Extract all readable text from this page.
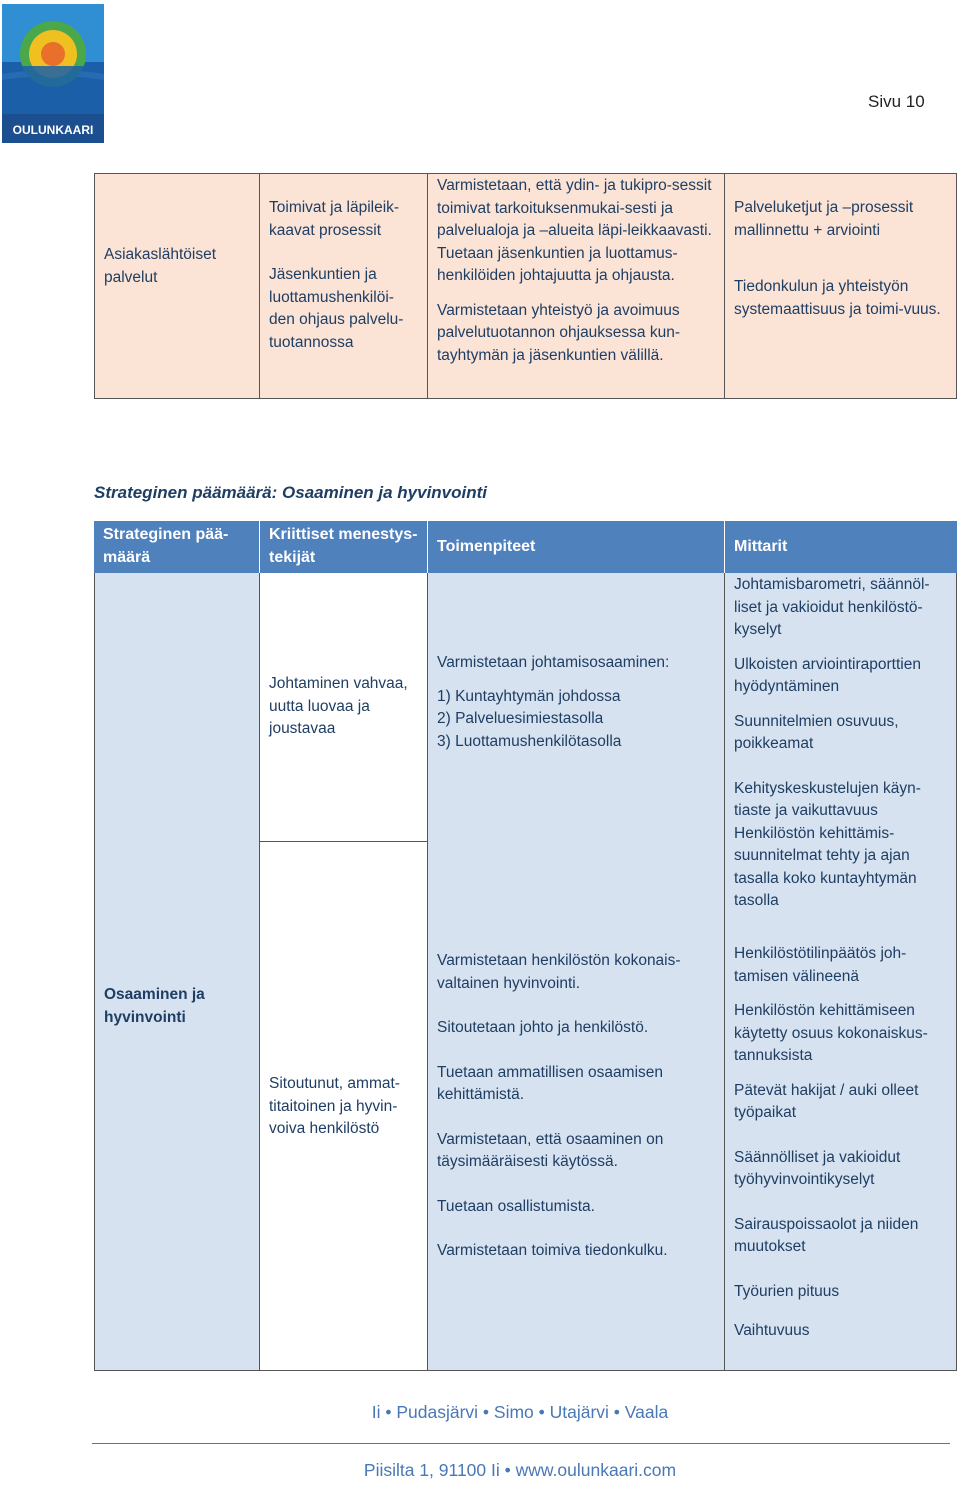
OULUNKAARI
Sivu 10
Asiakaslähtöiset palvelut
Toimivat ja läpileik-kaavat prosessit
Jäsenkuntien ja luottamushenkilöi-den ohjaus palvelu-tuotannossa
Varmistetaan, että ydin- ja tukipro-sessit toimivat tarkoituksenmukai-sesti ja palvelualoja ja –alueita läpi-leikkaavasti.
Tuetaan jäsenkuntien ja luottamus-henkilöiden johtajuutta ja ohjausta.
Varmistetaan yhteistyö ja avoimuus palvelutuotannon ohjauksessa kun-tayhtymän ja jäsenkuntien välillä.
Palveluketjut ja –prosessit mallinnettu + arviointi
Tiedonkulun ja yhteistyön systemaattisuus ja toimi-vuus.
Strateginen päämäärä: Osaaminen ja hyvinvointi
Strateginen pää-määrä
Kriittiset menestys-tekijät
Toimenpiteet	Mittarit
Osaaminen ja hyvinvointi
Johtaminen vahvaa, uutta luovaa ja joustavaa
Sitoutunut, ammat-titaitoinen ja hyvin-voiva henkilöstö
Varmistetaan johtamisosaaminen:
1) Kuntayhtymän johdossa
2) Palveluesimiestasolla
3) Luottamushenkilötasolla
Varmistetaan henkilöstön kokonais-valtainen hyvinvointi.
Sitoutetaan johto ja henkilöstö.
Tuetaan ammatillisen osaamisen kehittämistä.
Varmistetaan, että osaaminen on täysimääräisesti käytössä.
Tuetaan osallistumista.
Varmistetaan toimiva tiedonkulku.
Johtamisbarometri, säännöl-liset ja vakioidut henkilöstö-kyselyt
Ulkoisten arviointiraporttien hyödyntäminen
Suunnitelmien osuvuus, poikkeamat
Kehityskeskustelujen käyn-tiaste ja vaikuttavuus
Henkilöstön kehittämis-suunnitelmat tehty ja ajan tasalla koko kuntayhtymän tasolla
Henkilöstötilinpäätös joh-tamisen välineenä
Henkilöstön kehittämiseen käytetty osuus kokonaiskus-tannuksista
Pätevät hakijat / auki olleet työpaikat
Säännölliset ja vakioidut työhyvinvointikyselyt
Sairauspoissaolot ja niiden muutokset
Työurien pituus
Vaihtuvuus
Ii • Pudasjärvi • Simo • Utajärvi • Vaala
Piisilta 1, 91100 Ii • www.oulunkaari.com
